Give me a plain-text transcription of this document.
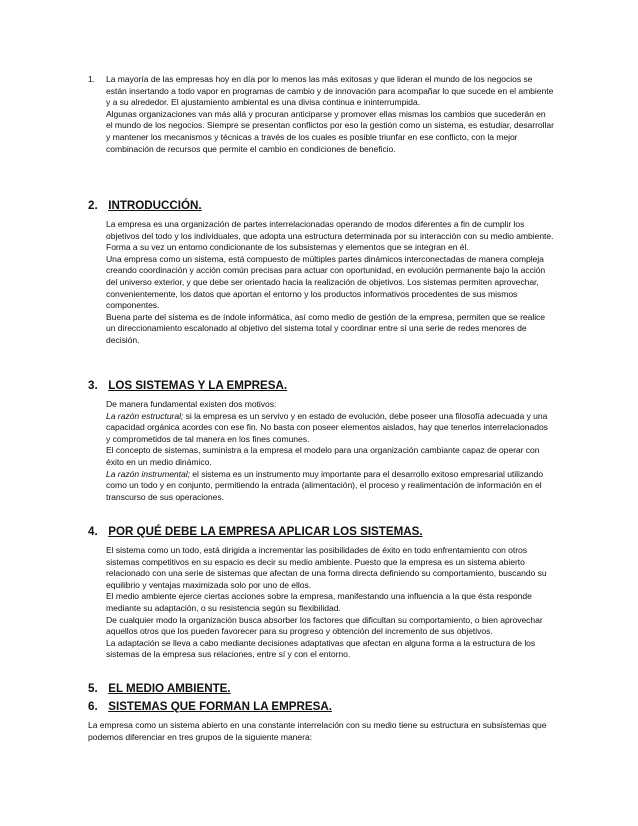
1. La mayoría de las empresas hoy en día por lo menos las más exitosas y que lideran el mundo de los negocios se están insertando a todo vapor en programas de cambio y de innovación para acompañar lo que sucede en el ambiente y a su alrededor. El ajustamiento ambiental es una divisa continua e ininterrumpida.

Algunas organizaciones van más allá y procuran anticiparse y promover ellas mismas los cambios que sucederán en el mundo de los negocios. Siempre se presentan conflictos por eso la gestión como un sistema, es estudiar, desarrollar y mantener los mecanismos y técnicas a través de los cuales es posible triunfar en ese conflicto, con la mejor combinación de recursos que permite el cambio en condiciones de beneficio.

2. INTRODUCCIÓN.

La empresa es una organización de partes interrelacionadas operando de modos diferentes a fin de cumplir los objetivos del todo y los individuales, que adopta una estructura determinada por su interacción con su medio ambiente. Forma a su vez un entorno condicionante de los subsistemas y elementos que se integran en él.

Una empresa como un sistema, está compuesto de múltiples partes dinámicos interconectadas de manera compleja creando coordinación y acción común precisas para actuar con oportunidad, en evolución permanente bajo la acción del universo exterior, y que debe ser orientado hacia la realización de objetivos. Los sistemas permiten aprovechar, convenientemente, los datos que aportan el entorno y los productos informativos procedentes de sus mismos componentes.

Buena parte del sistema es de índole informática, así como medio de gestión de la empresa, permiten que se realice un direccionamiento escalonado al objetivo del sistema total y coordinar entre sí una serie de redes menores de decisión.

3. LOS SISTEMAS Y LA EMPRESA.

De manera fundamental existen dos motivos:

La razón estructural; si la empresa es un servivo y en estado de evolución, debe poseer una filosofía adecuada y una capacidad orgánica acordes con ese fin. No basta con poseer elementos aislados, hay que tenerlos interrelacionados y comprometidos de tal manera en los fines comunes.

El concepto de sistemas, suministra a la empresa el modelo para una organización cambiante capaz de operar con éxito en un medio dinámico.

La razón instrumental; el sistema es un instrumento muy importante para el desarrollo exitoso empresarial utilizando como un todo y en conjunto, permitiendo la entrada (alimentación), el proceso y realimentación de información en el transcurso de sus operaciones.

4. POR QUÉ DEBE LA EMPRESA APLICAR LOS SISTEMAS.

El sistema como un todo, está dirigida a incrementar las posibilidades de éxito en todo enfrentamiento con otros sistemas competitivos en su espacio es decir su medio ambiente. Puesto que la empresa es un sistema abierto relacionado con una serie de sistemas que afectan de una forma directa definiendo su comportamiento, buscando su equilibrio y ventajas maximizada solo por uno de ellos.

El medio ambiente ejerce ciertas acciones sobre la empresa, manifestando una influencia a la que ésta responde mediante su adaptación, o su resistencia según su flexibilidad.

De cualquier modo la organización busca absorber los factores que dificultan su comportamiento, o bien aprovechar aquellos otros que los pueden favorecer para su progreso y obtención del incremento de sus objetivos.

La adaptación se lleva a cabo mediante decisiones adaptativas que afectan en alguna forma a la estructura de los sistemas de la empresa sus relaciones, entre sí y con el entorno.

5. EL MEDIO AMBIENTE.
6. SISTEMAS QUE FORMAN LA EMPRESA.

La empresa como un sistema abierto en una constante interrelación con su medio tiene su estructura en subsistemas que podemos diferenciar en tres grupos de la siguiente manera:
